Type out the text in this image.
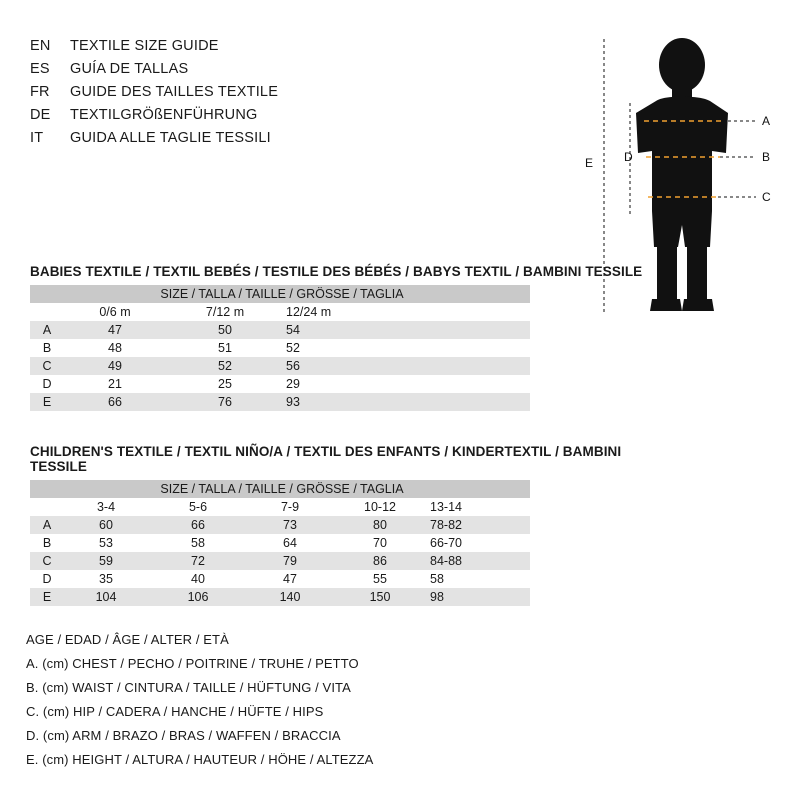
EN	TEXTILE SIZE GUIDE
ES	GUÍA DE TALLAS
FR	GUIDE DES TAILLES TEXTILE
DE	TEXTILGRÖßENFÜHRUNG
IT	GUIDA ALLE TAGLIE TESSILI
A
B
C
D
E
BABIES TEXTILE / TEXTIL BEBÉS / TESTILE DES BÉBÉS / BABYS TEXTIL / BAMBINI TESSILE
SIZE / TALLA / TAILLE / GRÖSSE / TAGLIA			
	0/6 m	7/12 m	12/24 m
A	47	50	54
B	48	51	52
C	49	52	56
D	21	25	29
E	66	76	93
CHILDREN'S TEXTILE / TEXTIL NIÑO/A / TEXTIL DES ENFANTS / KINDERTEXTIL / BAMBINI TESSILE
SIZE / TALLA / TAILLE / GRÖSSE / TAGLIA					
	3-4	5-6	7-9	10-12	13-14
A	60	66	73	80	78-82
B	53	58	64	70	66-70
C	59	72	79	86	84-88
D	35	40	47	55	58
E	104	106	140	150	98
AGE / EDAD / ÂGE / ALTER / ETÀ
A. (cm) CHEST / PECHO / POITRINE / TRUHE / PETTO
B. (cm) WAIST / CINTURA / TAILLE / HÜFTUNG / VITA
C. (cm) HIP / CADERA / HANCHE / HÜFTE / HIPS
D. (cm) ARM / BRAZO / BRAS / WAFFEN / BRACCIA
E. (cm) HEIGHT / ALTURA / HAUTEUR / HÖHE / ALTEZZA
